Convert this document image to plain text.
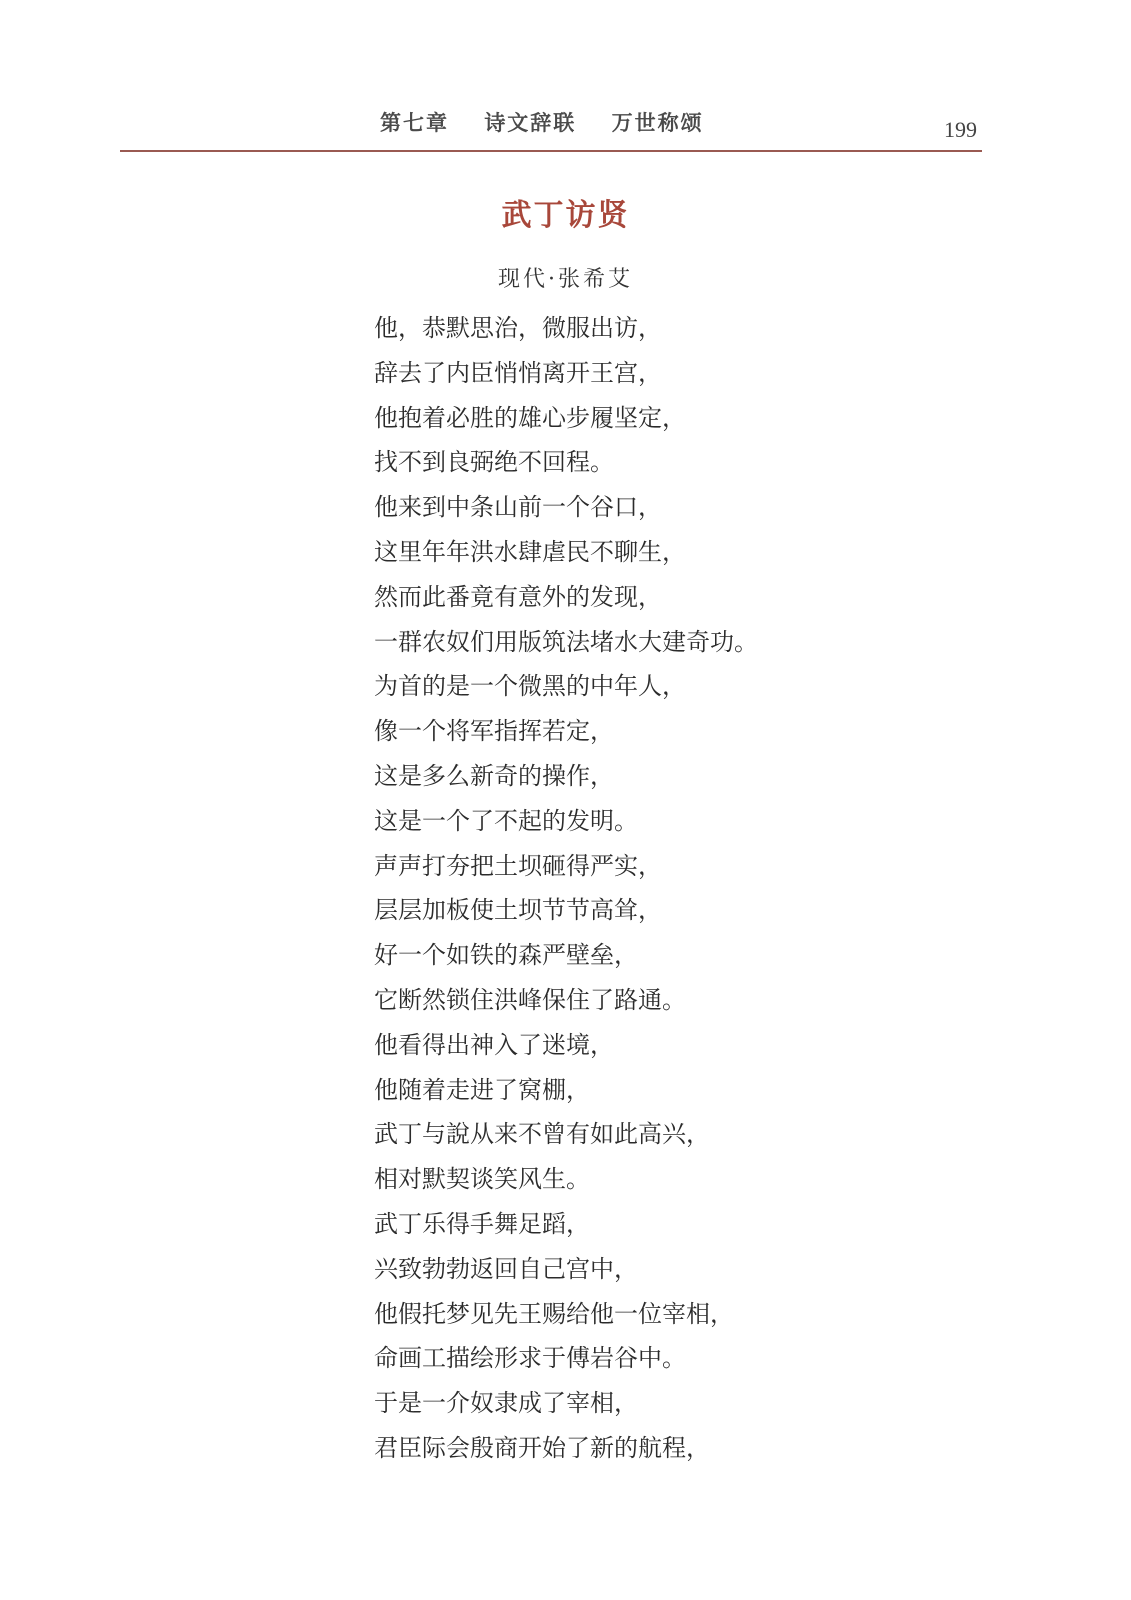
第七章 诗文辞联 万世称颂	199
武丁访贤
现代·张希艾
他，恭默思治，微服出访，
辞去了内臣悄悄离开王宫，
他抱着必胜的雄心步履坚定，
找不到良弼绝不回程。
他来到中条山前一个谷口，
这里年年洪水肆虐民不聊生，
然而此番竟有意外的发现，
一群农奴们用版筑法堵水大建奇功。
为首的是一个微黑的中年人，
像一个将军指挥若定，
这是多么新奇的操作，
这是一个了不起的发明。
声声打夯把土坝砸得严实，
层层加板使土坝节节高耸，
好一个如铁的森严壁垒，
它断然锁住洪峰保住了路通。
他看得出神入了迷境，
他随着走进了窝棚，
武丁与說从来不曾有如此高兴，
相对默契谈笑风生。
武丁乐得手舞足蹈，
兴致勃勃返回自己宫中，
他假托梦见先王赐给他一位宰相，
命画工描绘形求于傅岩谷中。
于是一介奴隶成了宰相，
君臣际会殷商开始了新的航程，
